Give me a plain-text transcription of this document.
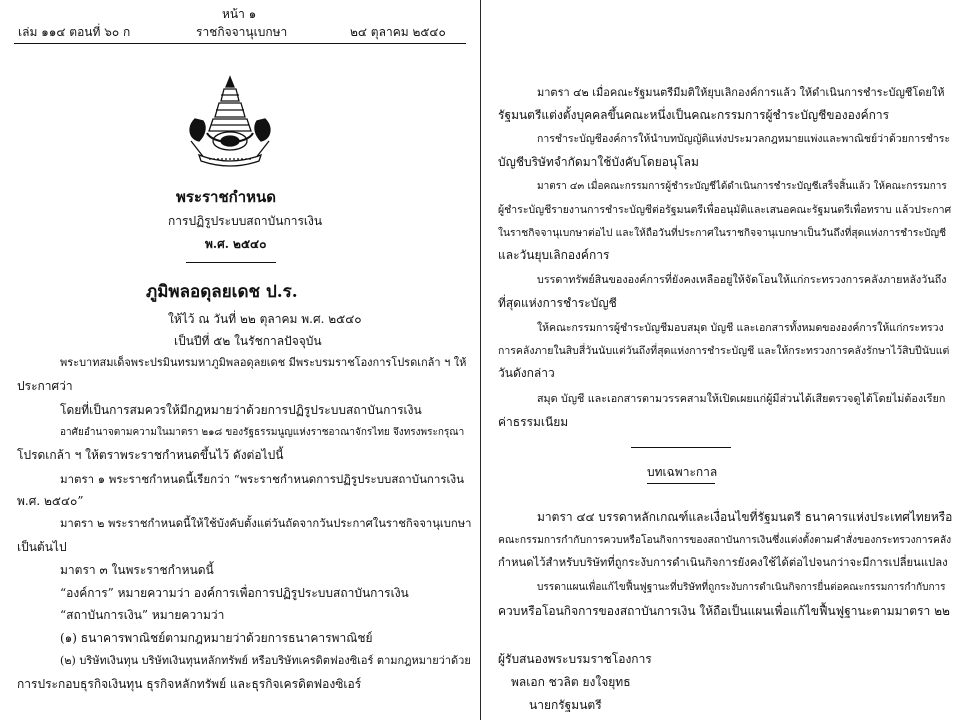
หน้า ๑
เล่ม ๑๑๔ ตอนที่ ๖๐ ก	ราชกิจจานุเบกษา	๒๔ ตุลาคม ๒๕๔๐
พระราชกำหนด
การปฏิรูประบบสถาบันการเงิน
พ.ศ. ๒๕๔๐
ภูมิพลอดุลยเดช ป.ร.
ให้ไว้ ณ วันที่ ๒๒ ตุลาคม พ.ศ. ๒๕๔๐
เป็นปีที่ ๕๒ ในรัชกาลปัจจุบัน
พระบาทสมเด็จพระปรมินทรมหาภูมิพลอดุลยเดช มีพระบรมราชโองการโปรดเกล้า ฯ ให้
ประกาศว่า
โดยที่เป็นการสมควรให้มีกฎหมายว่าด้วยการปฏิรูประบบสถาบันการเงิน
อาศัยอำนาจตามความในมาตรา ๒๑๘ ของรัฐธรรมนูญแห่งราชอาณาจักรไทย จึงทรงพระกรุณา
โปรดเกล้า ฯ ให้ตราพระราชกำหนดขึ้นไว้ ดังต่อไปนี้
มาตรา ๑ พระราชกำหนดนี้เรียกว่า “พระราชกำหนดการปฏิรูประบบสถาบันการเงิน
พ.ศ. ๒๕๔๐”
มาตรา ๒ พระราชกำหนดนี้ให้ใช้บังคับตั้งแต่วันถัดจากวันประกาศในราชกิจจานุเบกษา
เป็นต้นไป
มาตรา ๓ ในพระราชกำหนดนี้
“องค์การ” หมายความว่า องค์การเพื่อการปฏิรูประบบสถาบันการเงิน
“สถาบันการเงิน” หมายความว่า
(๑) ธนาคารพาณิชย์ตามกฎหมายว่าด้วยการธนาคารพาณิชย์
(๒) บริษัทเงินทุน บริษัทเงินทุนหลักทรัพย์ หรือบริษัทเครดิตฟองซิเอร์ ตามกฎหมายว่าด้วย
การประกอบธุรกิจเงินทุน ธุรกิจหลักทรัพย์ และธุรกิจเครดิตฟองซิเอร์
มาตรา ๔๒ เมื่อคณะรัฐมนตรีมีมติให้ยุบเลิกองค์การแล้ว ให้ดำเนินการชำระบัญชีโดยให้
รัฐมนตรีแต่งตั้งบุคคลขึ้นคณะหนึ่งเป็นคณะกรรมการผู้ชำระบัญชีขององค์การ
การชำระบัญชีองค์การให้นำบทบัญญัติแห่งประมวลกฎหมายแพ่งและพาณิชย์ว่าด้วยการชำระ
บัญชีบริษัทจำกัดมาใช้บังคับโดยอนุโลม
มาตรา ๔๓ เมื่อคณะกรรมการผู้ชำระบัญชีได้ดำเนินการชำระบัญชีเสร็จสิ้นแล้ว ให้คณะกรรมการ
ผู้ชำระบัญชีรายงานการชำระบัญชีต่อรัฐมนตรีเพื่ออนุมัติและเสนอคณะรัฐมนตรีเพื่อทราบ แล้วประกาศ
ในราชกิจจานุเบกษาต่อไป และให้ถือวันที่ประกาศในราชกิจจานุเบกษาเป็นวันถึงที่สุดแห่งการชำระบัญชี
และวันยุบเลิกองค์การ
บรรดาทรัพย์สินขององค์การที่ยังคงเหลืออยู่ให้จัดโอนให้แก่กระทรวงการคลังภายหลังวันถึง
ที่สุดแห่งการชำระบัญชี
ให้คณะกรรมการผู้ชำระบัญชีมอบสมุด บัญชี และเอกสารทั้งหมดขององค์การให้แก่กระทรวง
การคลังภายในสิบสี่วันนับแต่วันถึงที่สุดแห่งการชำระบัญชี และให้กระทรวงการคลังรักษาไว้สิบปีนับแต่
วันดังกล่าว
สมุด บัญชี และเอกสารตามวรรคสามให้เปิดเผยแก่ผู้มีส่วนได้เสียตรวจดูได้โดยไม่ต้องเรียก
ค่าธรรมเนียม
บทเฉพาะกาล
มาตรา ๔๔ บรรดาหลักเกณฑ์และเงื่อนไขที่รัฐมนตรี ธนาคารแห่งประเทศไทยหรือ
คณะกรรมการกำกับการควบหรือโอนกิจการของสถาบันการเงินซึ่งแต่งตั้งตามคำสั่งของกระทรวงการคลัง
กำหนดไว้สำหรับบริษัทที่ถูกระงับการดำเนินกิจการยังคงใช้ได้ต่อไปจนกว่าจะมีการเปลี่ยนแปลง
บรรดาแผนเพื่อแก้ไขฟื้นฟูฐานะที่บริษัทที่ถูกระงับการดำเนินกิจการยื่นต่อคณะกรรมการกำกับการ
ควบหรือโอนกิจการของสถาบันการเงิน ให้ถือเป็นแผนเพื่อแก้ไขฟื้นฟูฐานะตามมาตรา ๒๒
ผู้รับสนองพระบรมราชโองการ
พลเอก ชวลิต ยงใจยุทธ
นายกรัฐมนตรี
